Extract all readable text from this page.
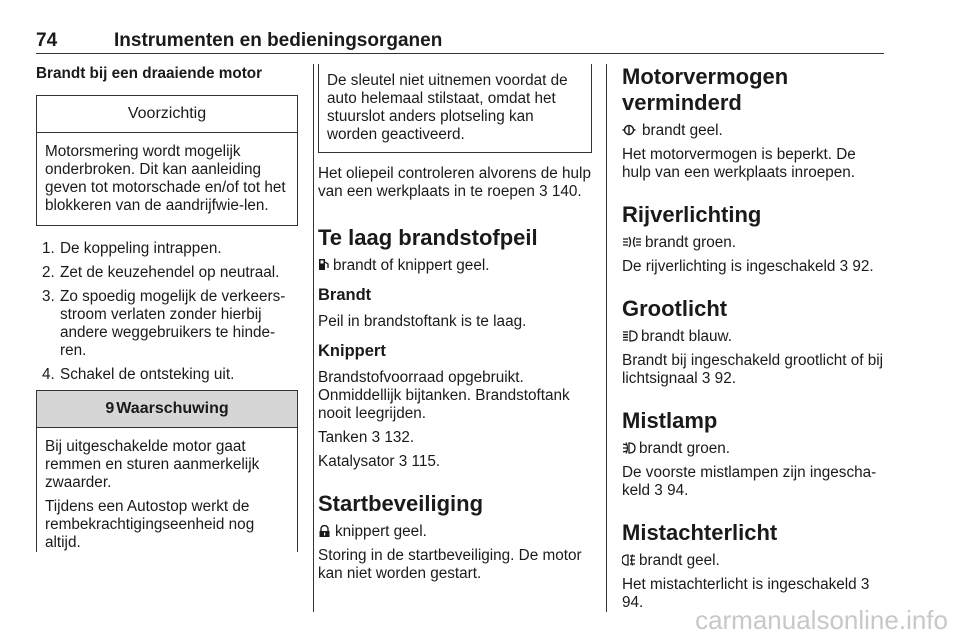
74	Instrumenten en bedieningsorganen
Brandt bij een draaiende motor
Voorzichtig

Motorsmering wordt mogelijk onderbroken. Dit kan aanleiding geven tot motorschade en/of tot het blokkeren van de aandrijfwie-len.

1. De koppeling intrappen.
2. Zet de keuzehendel op neutraal.
3. Zo spoedig mogelijk de verkeers-stroom verlaten zonder hierbij andere weggebruikers te hinde-ren.
4. Schakel de ontsteking uit.
9 Waarschuwing

Bij uitgeschakelde motor gaat remmen en sturen aanmerkelijk zwaarder.

Tijdens een Autostop werkt de rembekrachtigingseenheid nog altijd.

De sleutel niet uitnemen voordat de auto helemaal stilstaat, omdat het stuurslot anders plotseling kan worden geactiveerd.

Het oliepeil controleren alvorens de hulp van een werkplaats in te roepen 3 140.

Te laag brandstofpeil

brandt of knippert geel.

Brandt

Peil in brandstoftank is te laag.

Knippert

Brandstofvoorraad opgebruikt. Onmiddellijk bijtanken. Brandstoftank nooit leegrijden.

Tanken 3 132.

Katalysator 3 115.

Startbeveiliging

knippert geel.

Storing in de startbeveiliging. De motor kan niet worden gestart.

Motorvermogen verminderd

brandt geel.

Het motorvermogen is beperkt. De hulp van een werkplaats inroepen.

Rijverlichting

brandt groen.

De rijverlichting is ingeschakeld 3 92.

Grootlicht

brandt blauw.

Brandt bij ingeschakeld grootlicht of bij lichtsignaal 3 92.

Mistlamp

brandt groen.

De voorste mistlampen zijn ingescha-keld 3 94.

Mistachterlicht

brandt geel.

Het mistachterlicht is ingeschakeld 3 94.

carmanualsonline.info
